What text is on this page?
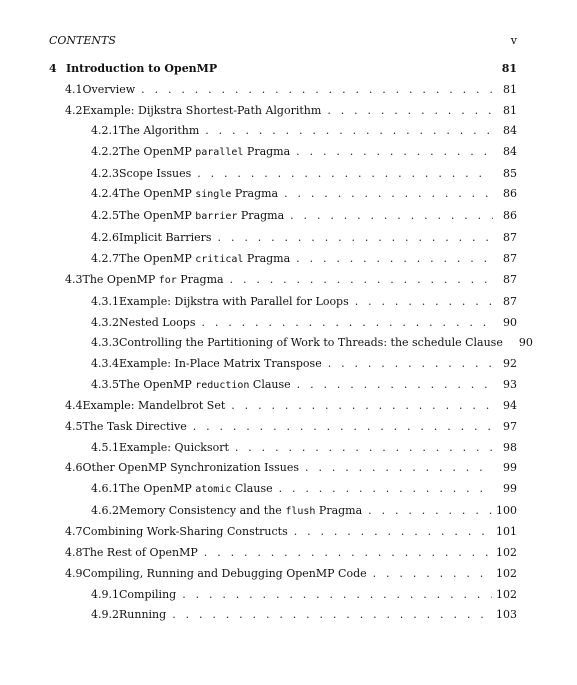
CONTENTS	v
4 Introduction to OpenMP	81
4.1 Overview . . .	81
4.2 Example: Dijkstra Shortest-Path Algorithm . . .	81
4.2.1 The Algorithm . . .	84
4.2.2 The OpenMP parallel Pragma . . .	84
4.2.3 Scope Issues . . .	85
4.2.4 The OpenMP single Pragma . . .	86
4.2.5 The OpenMP barrier Pragma . . .	86
4.2.6 Implicit Barriers . . .	87
4.2.7 The OpenMP critical Pragma . . .	87
4.3 The OpenMP for Pragma . . .	87
4.3.1 Example: Dijkstra with Parallel for Loops . . .	87
4.3.2 Nested Loops . . .	90
4.3.3 Controlling the Partitioning of Work to Threads: the schedule Clause	90
4.3.4 Example: In-Place Matrix Transpose . . .	92
4.3.5 The OpenMP reduction Clause . . .	93
4.4 Example: Mandelbrot Set . . .	94
4.5 The Task Directive . . .	97
4.5.1 Example: Quicksort . . .	98
4.6 Other OpenMP Synchronization Issues . . .	99
4.6.1 The OpenMP atomic Clause . . .	99
4.6.2 Memory Consistency and the flush Pragma . . .	100
4.7 Combining Work-Sharing Constructs . . .	101
4.8 The Rest of OpenMP . . .	102
4.9 Compiling, Running and Debugging OpenMP Code . . .	102
4.9.1 Compiling . . .	102
4.9.2 Running . . .	103
